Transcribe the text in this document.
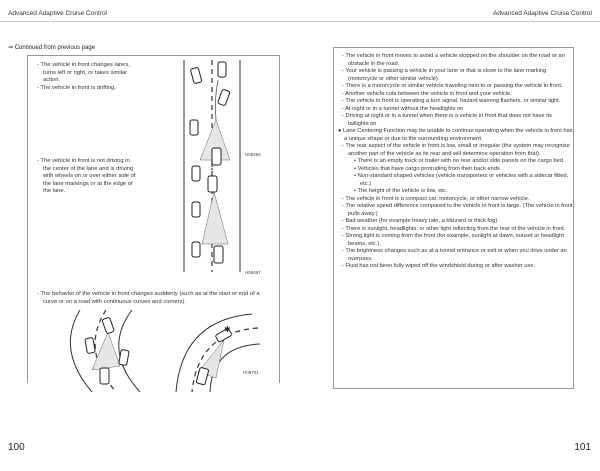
Advanced Adaptive Cruise Control	Advanced Adaptive Cruise Control
⇒ Continued from previous page
- The vehicle in front changes lanes, turns left or right, or takes similar action.
- The vehicle in front is drifting.
H08466
- The vehicle in front is not driving in the center of the lane and is driving with wheels on or over either side of the lane markings or at the edge of the lane.
H08467
- The behavior of the vehicle in front changes suddenly (such as at the start or end of a curve or on a road with continuous curves and corners).
✱
H08701
- The vehicle in front moves to avoid a vehicle stopped on the shoulder on the road or an obstacle in the road.
- Your vehicle is passing a vehicle in your lane or that is close to the lane marking (motorcycle or other similar vehicle).
- There is a motorcycle or similar vehicle traveling next to or passing the vehicle in front.
- Another vehicle cuts between the vehicle in front and your vehicle.
- The vehicle in front is operating a turn signal, hazard warning flashers, or similar light.
- At night or in a tunnel without the headlights on
- Driving at night or in a tunnel when there is a vehicle in front that does not have its taillights on
● Lane Centering Function may be unable to continue operating when the vehicle in front has a unique shape or due to the surrounding environment.
- The rear aspect of the vehicle in front is low, small or irregular (the system may recognize another part of the vehicle as its rear and will determine operation from that).
• There is an empty truck or trailer with no rear and/or side panels on the cargo bed.
• Vehicles that have cargo protruding from their back ends
• Non-standard shaped vehicles (vehicle transporters or vehicles with a sidecar fitted, etc.)
• The height of the vehicle is low, etc.
- The vehicle in front is a compact car, motorcycle, or other narrow vehicle.
- The relative speed difference compared to the vehicle in front is large. (The vehicle in front pulls away.)
- Bad weather (for example heavy rain, a blizzard or thick fog)
- There is sunlight, headlights, or other light reflecting from the rear of the vehicle in front.
- Strong light is coming from the front (for example, sunlight at dawn, sunset or headlight beams, etc.).
- The brightness changes such as at a tunnel entrance or exit or when you drive under an overpass.
- Fluid has not been fully wiped off the windshield during or after washer use.
100	101
